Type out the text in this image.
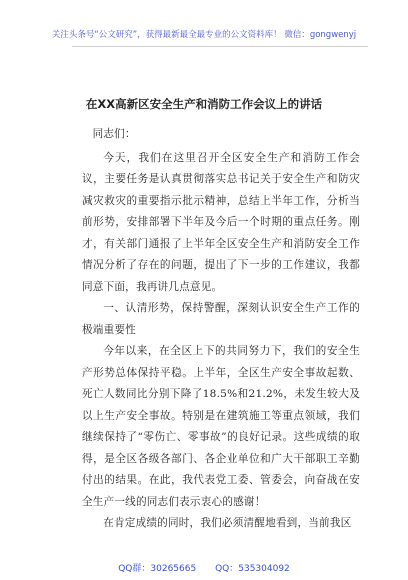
关注头条号“公文研究”，获得最新最全最专业的公文资料库！ 微信：gongwenyj
在XX高新区安全生产和消防工作会议上的讲话

同志们：

今天，我们在这里召开全区安全生产和消防工作会议，主要任务是认真贯彻落实总书记关于安全生产和防灾减灾救灾的重要指示批示精神，总结上半年工作，分析当前形势，安排部署下半年及今后一个时期的重点任务。刚才，有关部门通报了上半年全区安全生产和消防安全工作情况分析了存在的问题，提出了下一步的工作建议，我都同意下面，我再讲几点意见。

一、认清形势，保持警醒，深刻认识安全生产工作的极端重要性

今年以来，在全区上下的共同努力下，我们的安全生产形势总体保持平稳。上半年，全区生产安全事故起数、死亡人数同比分别下降了18.5%和21.2%，未发生较大及以上生产安全事故。特别是在建筑施工等重点领域，我们继续保持了“零伤亡、零事故”的良好记录。这些成绩的取得，是全区各级各部门、各企业单位和广大干部职工辛勤付出的结果。在此，我代表党工委、管委会，向奋战在安全生产一线的同志们表示衷心的感谢！

在肯定成绩的同时，我们必须清醒地看到，当前我区

QQ群：30265665 QQ：535304092
